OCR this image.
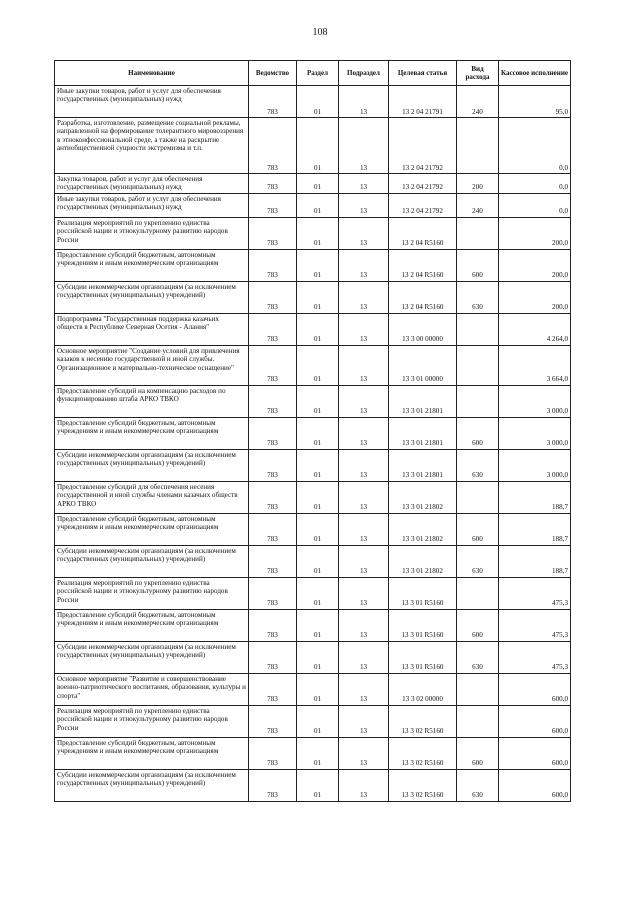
108
Наименование	Ведомство	Раздел	Подраздел	Целевая статья	Вид расхода	Кассовое исполнение
Иные закупки товаров, работ и услуг для обеспечения государственных (муниципальных) нужд	783	01	13	13 2 04 21791	240	95,0
Разработка, изготовление, размещение социальной рекламы, направленной на формирование толерантного мировоззрения в этноконфессиональной среде, а также на раскрытие антиобщественной сущности экстремизма и т.п.	783	01	13	13 2 04 21792		0,0
Закупка товаров, работ и услуг для обеспечения государственных (муниципальных) нужд	783	01	13	13 2 04 21792	200	0,0
Иные закупки товаров, работ и услуг для обеспечения государственных (муниципальных) нужд	783	01	13	13 2 04 21792	240	0,0
Реализация мероприятий по укреплению единства российской нации и этнокультурному развитию народов России	783	01	13	13 2 04 R5160		200,0
Предоставление субсидий бюджетным, автономным учреждениям и иным некоммерческим организациям	783	01	13	13 2 04 R5160	600	200,0
Субсидии некоммерческим организациям (за исключением государственных (муниципальных) учреждений)	783	01	13	13 2 04 R5160	630	200,0
Подпрограмма "Государственная поддержка казачьих обществ в Республике Северная Осетия - Алания"	783	01	13	13 3 00 00000		4 264,0
Основное мероприятие "Создание условий для привлечения казаков к несению государственной и иной службы. Организационное и материально-техническое оснащение"	783	01	13	13 3 01 00000		3 664,0
Предоставление субсидий на компенсацию расходов по функционированию штаба АРКО ТВКО	783	01	13	13 3 01 21801		3 000,0
Предоставление субсидий бюджетным, автономным учреждениям и иным некоммерческим организациям	783	01	13	13 3 01 21801	600	3 000,0
Субсидии некоммерческим организациям (за исключением государственных (муниципальных) учреждений)	783	01	13	13 3 01 21801	630	3 000,0
Предоставление субсидий для обеспечения несения государственной и иной службы членами казачьих обществ АРКО ТВКО	783	01	13	13 3 01 21802		188,7
Предоставление субсидий бюджетным, автономным учреждениям и иным некоммерческим организациям	783	01	13	13 3 01 21802	600	188,7
Субсидии некоммерческим организациям (за исключением государственных (муниципальных) учреждений)	783	01	13	13 3 01 21802	630	188,7
Реализация мероприятий по укреплению единства российской нации и этнокультурному развитию народов России	783	01	13	13 3 01 R5160		475,3
Предоставление субсидий бюджетным, автономным учреждениям и иным некоммерческим организациям	783	01	13	13 3 01 R5160	600	475,3
Субсидии некоммерческим организациям (за исключением государственных (муниципальных) учреждений)	783	01	13	13 3 01 R5160	630	475,3
Основное мероприятие "Развитие и совершенствование военно-патриотического воспитания, образования, культуры и спорта"	783	01	13	13 3 02 00000		600,0
Реализация мероприятий по укреплению единства российской нации и этнокультурному развитию народов России	783	01	13	13 3 02 R5160		600,0
Предоставление субсидий бюджетным, автономным учреждениям и иным некоммерческим организациям	783	01	13	13 3 02 R5160	600	600,0
Субсидии некоммерческим организациям (за исключением государственных (муниципальных) учреждений)	783	01	13	13 3 02 R5160	630	600,0
